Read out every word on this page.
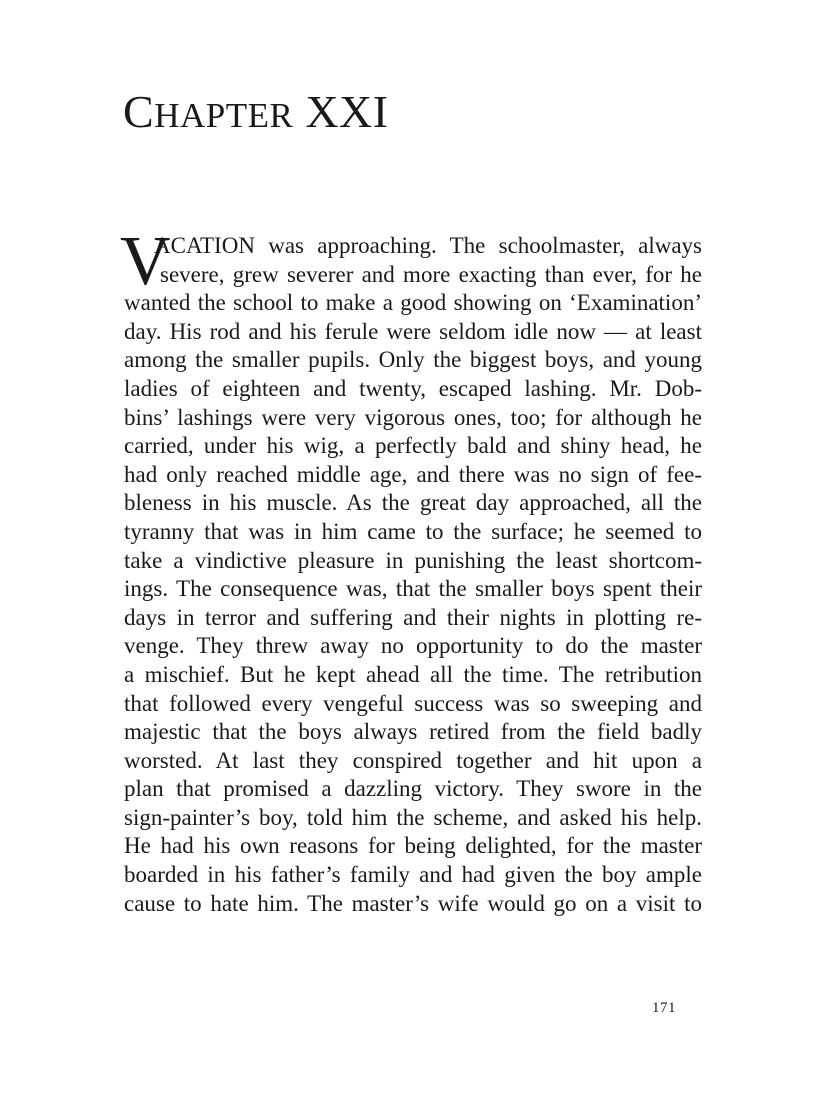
CHAPTER XXI
V
ACATION was approaching. The schoolmaster, always
severe, grew severer and more exacting than ever, for he
wanted the school to make a good showing on ‘Examination’
day. His rod and his ferule were seldom idle now — at least
among the smaller pupils. Only the biggest boys, and young
ladies of eighteen and twenty, escaped lashing. Mr. Dob-
bins’ lashings were very vigorous ones, too; for although he
carried, under his wig, a perfectly bald and shiny head, he
had only reached middle age, and there was no sign of fee-
bleness in his muscle. As the great day approached, all the
tyranny that was in him came to the surface; he seemed to
take a vindictive pleasure in punishing the least shortcom-
ings. The consequence was, that the smaller boys spent their
days in terror and suffering and their nights in plotting re-
venge. They threw away no opportunity to do the master
a mischief. But he kept ahead all the time. The retribution
that followed every vengeful success was so sweeping and
majestic that the boys always retired from the field badly
worsted. At last they conspired together and hit upon a
plan that promised a dazzling victory. They swore in the
sign-painter’s boy, told him the scheme, and asked his help.
He had his own reasons for being delighted, for the master
boarded in his father’s family and had given the boy ample
cause to hate him. The master’s wife would go on a visit to
171
